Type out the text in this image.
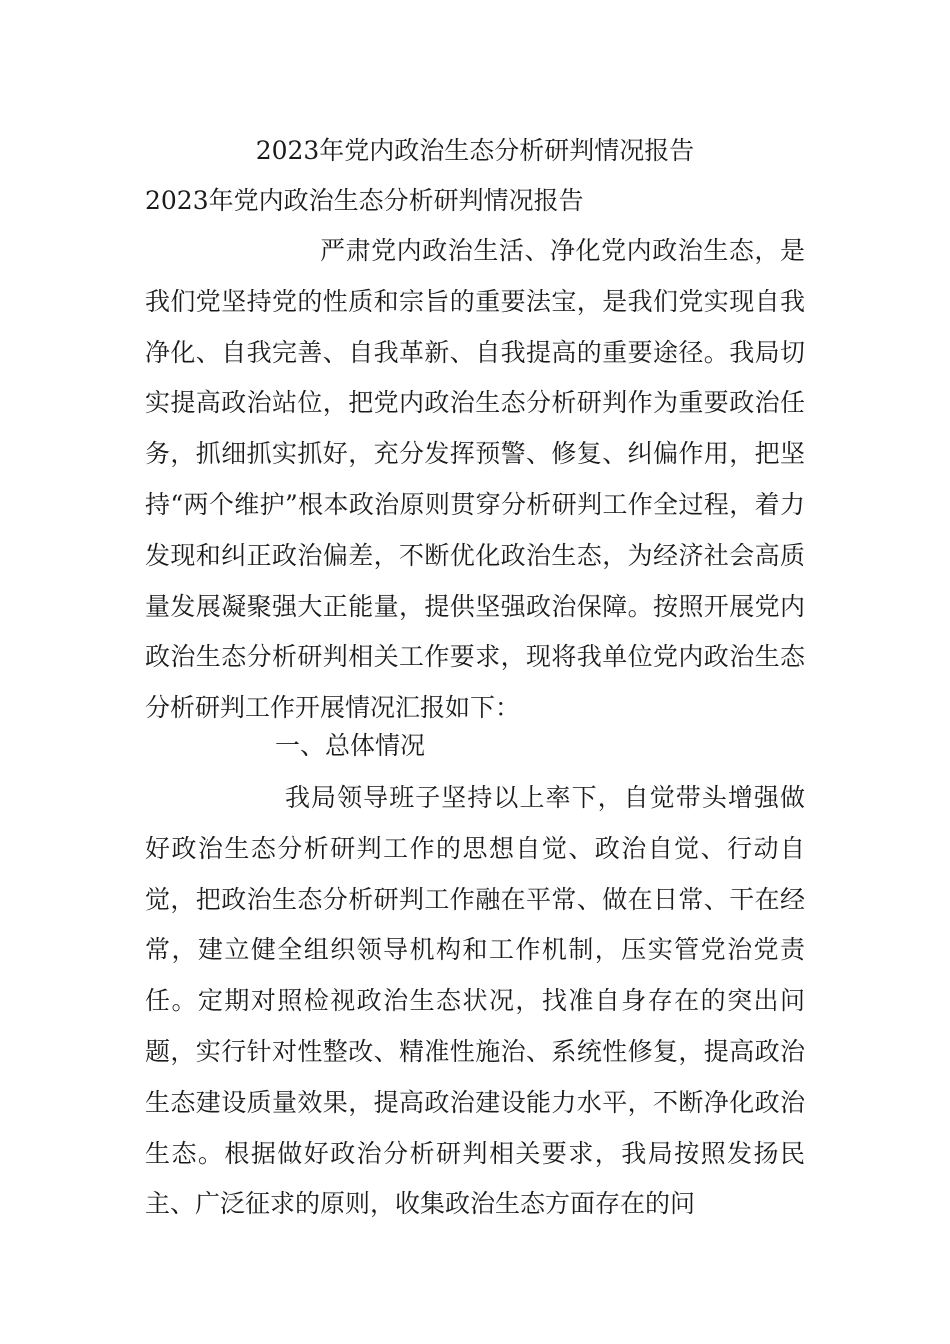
2023年党内政治生态分析研判情况报告
2023年党内政治生态分析研判情况报告

严肃党内政治生活、净化党内政治生态，是我们党坚持党的性质和宗旨的重要法宝，是我们党实现自我净化、自我完善、自我革新、自我提高的重要途径。我局切实提高政治站位，把党内政治生态分析研判作为重要政治任务，抓细抓实抓好，充分发挥预警、修复、纠偏作用，把坚持“两个维护”根本政治原则贯穿分析研判工作全过程，着力发现和纠正政治偏差，不断优化政治生态，为经济社会高质量发展凝聚强大正能量，提供坚强政治保障。按照开展党内政治生态分析研判相关工作要求，现将我单位党内政治生态分析研判工作开展情况汇报如下：

一、总体情况

我局领导班子坚持以上率下，自觉带头增强做好政治生态分析研判工作的思想自觉、政治自觉、行动自觉，把政治生态分析研判工作融在平常、做在日常、干在经常，建立健全组织领导机构和工作机制，压实管党治党责任。定期对照检视政治生态状况，找准自身存在的突出问题，实行针对性整改、精准性施治、系统性修复，提高政治生态建设质量效果，提高政治建设能力水平，不断净化政治生态。根据做好政治分析研判相关要求，我局按照发扬民主、广泛征求的原则，收集政治生态方面存在的问
